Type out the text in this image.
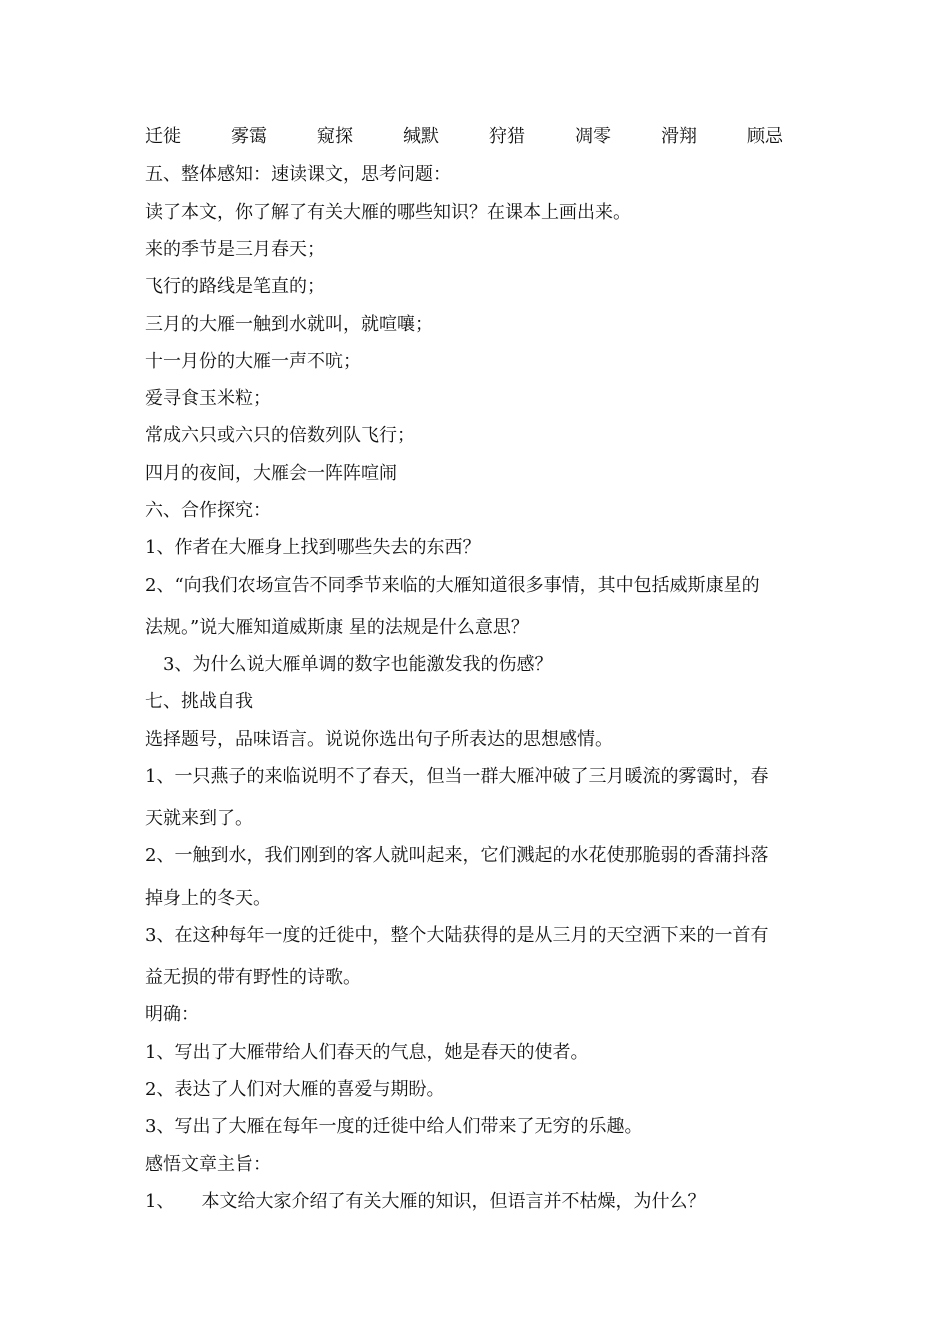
迁徙	雾霭	窥探	缄默	狩猎	凋零	滑翔	顾忌
五、整体感知：速读课文，思考问题：
读了本文，你了解了有关大雁的哪些知识？在课本上画出来。
来的季节是三月春天；
飞行的路线是笔直的；
三月的大雁一触到水就叫，就喧嚷；
十一月份的大雁一声不吭；
爱寻食玉米粒；
常成六只或六只的倍数列队飞行；
四月的夜间，大雁会一阵阵喧闹
六、合作探究：
1、作者在大雁身上找到哪些失去的东西？
2、“向我们农场宣告不同季节来临的大雁知道很多事情，其中包括威斯康星的
法规。”说大雁知道威斯康 星的法规是什么意思？
3、为什么说大雁单调的数字也能激发我的伤感？
七、挑战自我
选择题号，品味语言。说说你选出句子所表达的思想感情。
1、一只燕子的来临说明不了春天，但当一群大雁冲破了三月暖流的雾霭时，春
天就来到了。
2、一触到水，我们刚到的客人就叫起来，它们溅起的水花使那脆弱的香蒲抖落
掉身上的冬天。
3、在这种每年一度的迁徙中，整个大陆获得的是从三月的天空洒下来的一首有
益无损的带有野性的诗歌。
明确：
1、写出了大雁带给人们春天的气息，她是春天的使者。
2、表达了人们对大雁的喜爱与期盼。
3、写出了大雁在每年一度的迁徙中给人们带来了无穷的乐趣。
感悟文章主旨：
1、　　本文给大家介绍了有关大雁的知识，但语言并不枯燥，为什么？
